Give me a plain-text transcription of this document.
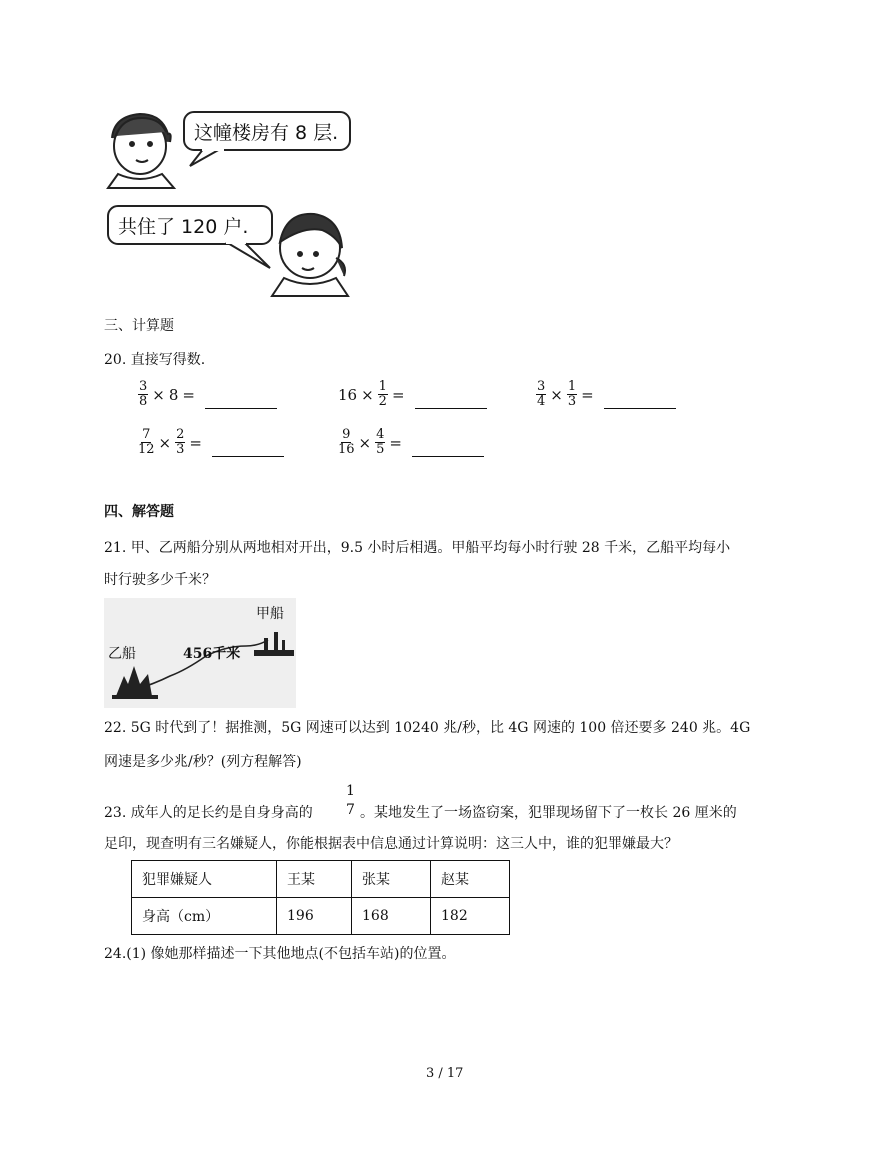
这幢楼房有 8 层.
共住了 120 户.
三、计算题
20. 直接写得数.
$\frac{3}{8} \times 8$ =	$16 \times \frac{1}{2}$ =	$\frac{3}{4} \times \frac{1}{3}$ =
$\frac{7}{12} \times \frac{2}{3}$ =	$\frac{9}{16} \times \frac{4}{5}$ =
四、解答题
21. 甲、乙两船分别从两地相对开出，9.5 小时后相遇。甲船平均每小时行驶 28 千米，乙船平均每小
时行驶多少千米？
甲船
乙船	456千米
22. 5G 时代到了！据推测，5G 网速可以达到 10240 兆/秒，比 4G 网速的 100 倍还要多 240 兆。4G
网速是多少兆/秒？(列方程解答)
23. 成年人的足长约是自身身高的 $\frac{1}{7}$ 。某地发生了一场盗窃案，犯罪现场留下了一枚长 26 厘米的
足印，现查明有三名嫌疑人，你能根据表中信息通过计算说明：这三人中，谁的犯罪嫌最大？
犯罪嫌疑人	王某	张某	赵某
身高（cm）	196	168	182
24.(1) 像她那样描述一下其他地点(不包括车站)的位置。
3 / 17
